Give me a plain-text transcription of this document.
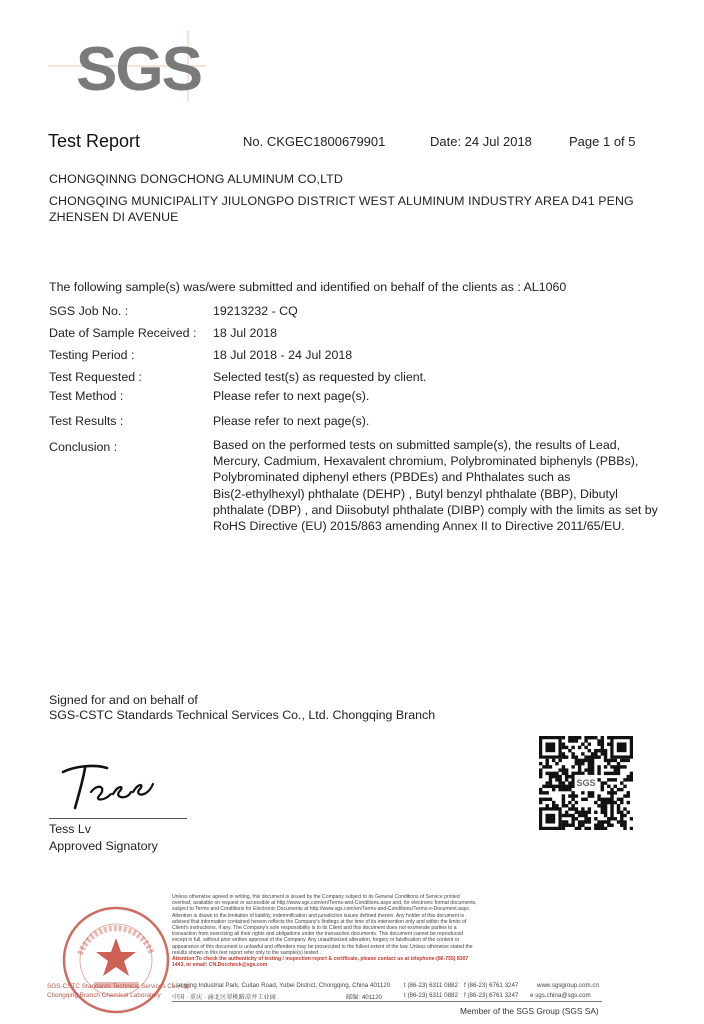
SGS
Test Report	No. CKGEC1800679901	Date: 24 Jul 2018	Page 1 of 5
CHONGQINNG DONGCHONG ALUMINUM CO,LTD
CHONGQING MUNICIPALITY JIULONGPO DISTRICT WEST ALUMINUM INDUSTRY AREA D41 PENG
ZHENSEN DI AVENUE
The following sample(s) was/were submitted and identified on behalf of the clients as : AL1060
SGS Job No. :	19213232 - CQ
Date of Sample Received : 18 Jul 2018
Testing Period :	18 Jul 2018 - 24 Jul 2018
Test Requested :	Selected test(s) as requested by client.
Test Method :	Please refer to next page(s).
Test Results :	Please refer to next page(s).
Conclusion :	Based on the performed tests on submitted sample(s), the results of Lead,
Mercury, Cadmium, Hexavalent chromium, Polybrominated biphenyls (PBBs),
Polybrominated diphenyl ethers (PBDEs) and Phthalates such as
Bis(2-ethylhexyl) phthalate (DEHP) , Butyl benzyl phthalate (BBP), Dibutyl
phthalate (DBP) , and Diisobutyl phthalate (DIBP) comply with the limits as set by
RoHS Directive (EU) 2015/863 amending Annex II to Directive 2011/65/EU.
Signed for and on behalf of
SGS-CSTC Standards Technical Services Co., Ltd. Chongqing Branch
Tess Lv
Approved Signatory
SGS
Unless otherwise agreed in writing, this document is issued by the Company subject to its General Conditions of Service printed
overleaf, available on request or accessible at http://www.sgs.com/en/Terms-and-Conditions.aspx and, for electronic format documents,
subject to Terms and Conditions for Electronic Documents at http://www.sgs.com/en/Terms-and-Conditions/Terms-e-Document.aspx.
Attention is drawn to the limitation of liability, indemnification and jurisdiction issues defined therein. Any holder of this document is
advised that information contained hereon reflects the Company's findings at the time of its intervention only and within the limits of
Client's instructions, if any. The Company's sole responsibility is to its Client and this document does not exonerate parties to a
transaction from exercising all their rights and obligations under the transaction documents. This document cannot be reproduced
except in full, without prior written approval of the Company. Any unauthorized alteration, forgery or falsification of the content or
appearance of this document is unlawful and offenders may be prosecuted to the fullest extent of the law. Unless otherwise stated the
results shown in this test report refer only to the sample(s) tested .
Attention:To check the authenticity of testing / inspection report & certificate, please contact us at telephone:(86-755) 8307
1443, or email: CN.Doccheck@sgs.com
Liangjing Industrial Park, Cuitao Road, Yubei District, Chongqing, China 401120 t (86-23) 6311 0882 f (86-23) 6761 3247	www.sgsgroup.com.cn
中国 · 重庆 · 渝北区翠桃路凉井工业园	邮编: 401120	t (86-23) 6311 0882 f (86-23) 6761 3247 e sgs.china@sgs.com
Member of the SGS Group (SGS SA)
SGS-CSTC Standards Technical Services Co., Ltd.
Chongqing Branch Chemical Laboratory
